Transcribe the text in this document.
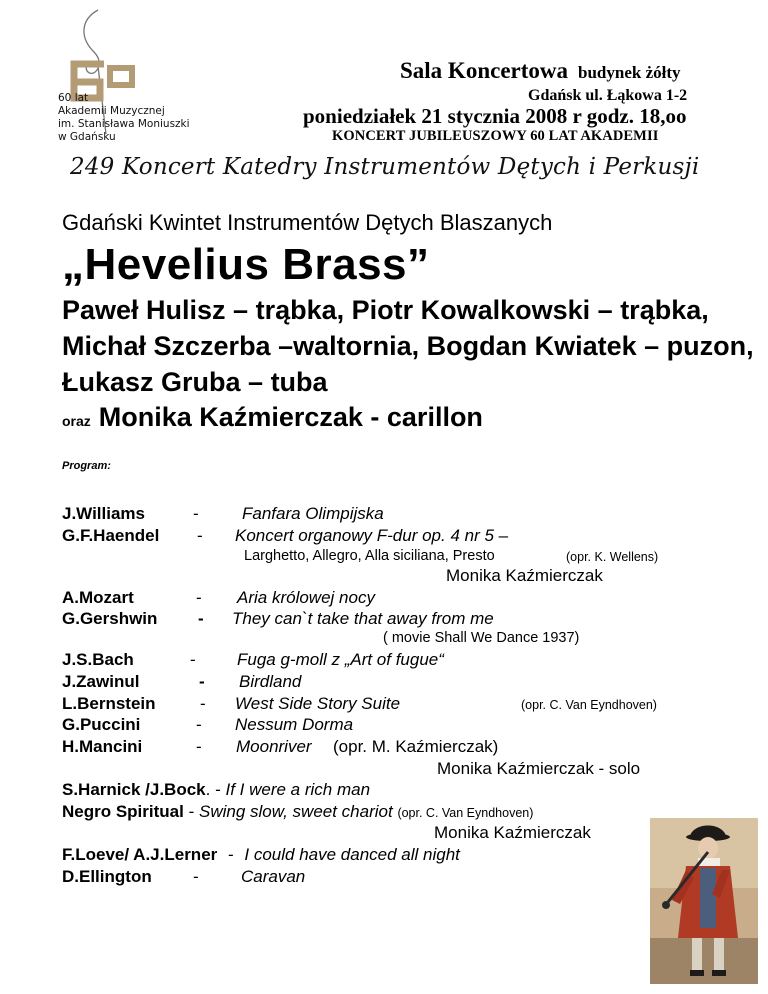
60 lat
Akademii Muzycznej
im. Stanisława Moniuszki
w Gdańsku
Sala Koncertowa budynek żółty
Gdańsk ul. Łąkowa 1-2
poniedziałek 21 stycznia 2008 r godz. 18,oo
KONCERT JUBILEUSZOWY 60 LAT AKADEMII
249 Koncert Katedry Instrumentów Dętych i Perkusji
Gdański Kwintet Instrumentów Dętych Blaszanych
„Hevelius Brass”
Paweł Hulisz – trąbka, Piotr Kowalkowski – trąbka, Michał Szczerba –waltornia, Bogdan Kwiatek – puzon, Łukasz Gruba – tuba
oraz Monika Kaźmierczak - carillon
Program:
J.Williams	-	Fanfara Olimpijska
G.F.Haendel - Koncert organowy F-dur op. 4 nr 5 –
Larghetto, Allegro, Alla siciliana, Presto	(opr. K. Wellens)
Monika Kaźmierczak
A.Mozart	- Aria królowej nocy
G.Gershwin - They can`t take that away from me
( movie Shall We Dance 1937)
J.S.Bach	- Fuga g-moll z „Art of fugue“
J.Zawinul	- Birdland
L.Bernstein	- West Side Story Suite	(opr. C. Van Eyndhoven)
G.Puccini	- Nessum Dorma
H.Mancini	- Moonriver (opr. M. Kaźmierczak)
Monika Kaźmierczak - solo
S.Harnick /J.Bock. - If I were a rich man
Negro Spiritual - Swing slow, sweet chariot (opr. C. Van Eyndhoven)
Monika Kaźmierczak
F.Loeve/ A.J.Lerner - I could have danced all night
D.Ellington - Caravan
